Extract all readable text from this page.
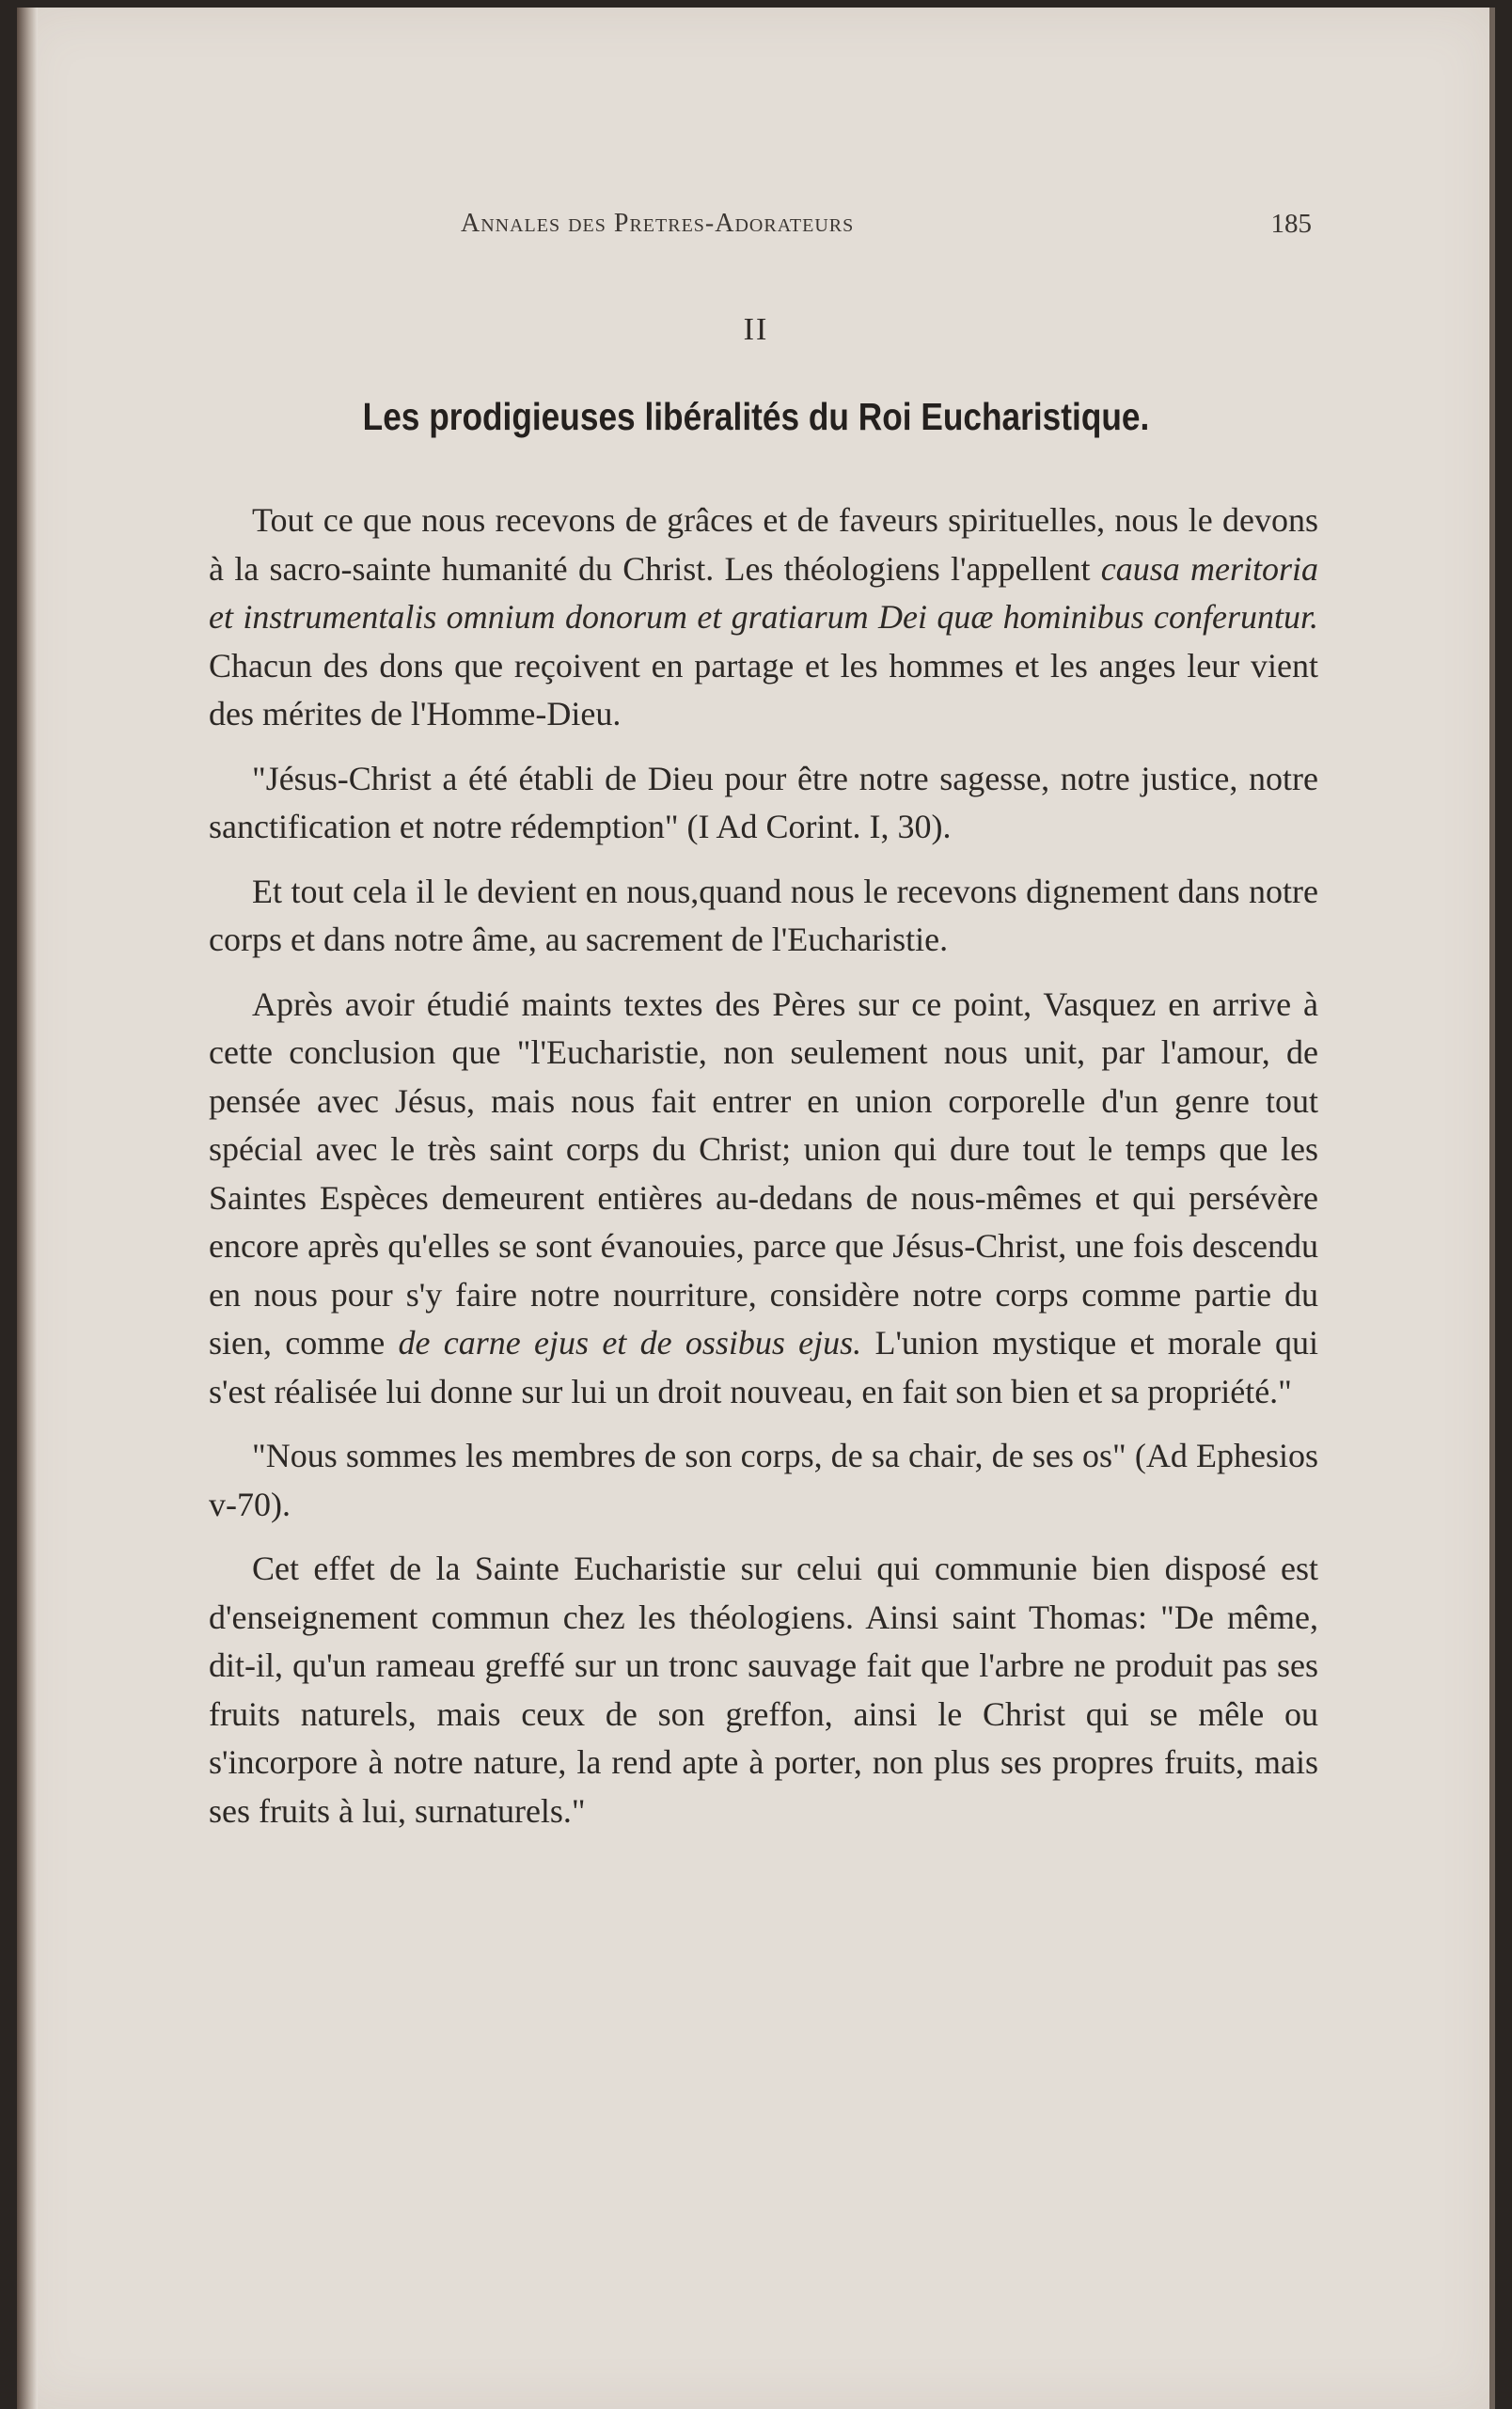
Annales des Pretres-Adorateurs	185
II
Les prodigieuses libéralités du Roi Eucharistique.

Tout ce que nous recevons de grâces et de faveurs spirituelles, nous le devons à la sacro-sainte humanité du Christ. Les théologiens l'appellent causa meritoria et instrumentalis omnium donorum et gratiarum Dei quæ hominibus conferuntur. Chacun des dons que reçoivent en partage et les hommes et les anges leur vient des mérites de l'Homme-Dieu.

"Jésus-Christ a été établi de Dieu pour être notre sagesse, notre justice, notre sanctification et notre rédemption" (I Ad Corint. I, 30).

Et tout cela il le devient en nous,quand nous le recevons dignement dans notre corps et dans notre âme, au sacrement de l'Eucharistie.

Après avoir étudié maints textes des Pères sur ce point, Vasquez en arrive à cette conclusion que "l'Eucharistie, non seulement nous unit, par l'amour, de pensée avec Jésus, mais nous fait entrer en union corporelle d'un genre tout spécial avec le très saint corps du Christ; union qui dure tout le temps que les Saintes Espèces demeurent entières au-dedans de nous-mêmes et qui persévère encore après qu'elles se sont évanouies, parce que Jésus-Christ, une fois descendu en nous pour s'y faire notre nourriture, considère notre corps comme partie du sien, comme de carne ejus et de ossibus ejus. L'union mystique et morale qui s'est réalisée lui donne sur lui un droit nouveau, en fait son bien et sa propriété."

"Nous sommes les membres de son corps, de sa chair, de ses os" (Ad Ephesios v-70).

Cet effet de la Sainte Eucharistie sur celui qui communie bien disposé est d'enseignement commun chez les théologiens. Ainsi saint Thomas: "De même, dit-il, qu'un rameau greffé sur un tronc sauvage fait que l'arbre ne produit pas ses fruits naturels, mais ceux de son greffon, ainsi le Christ qui se mêle ou s'incorpore à notre nature, la rend apte à porter, non plus ses propres fruits, mais ses fruits à lui, surnaturels."
